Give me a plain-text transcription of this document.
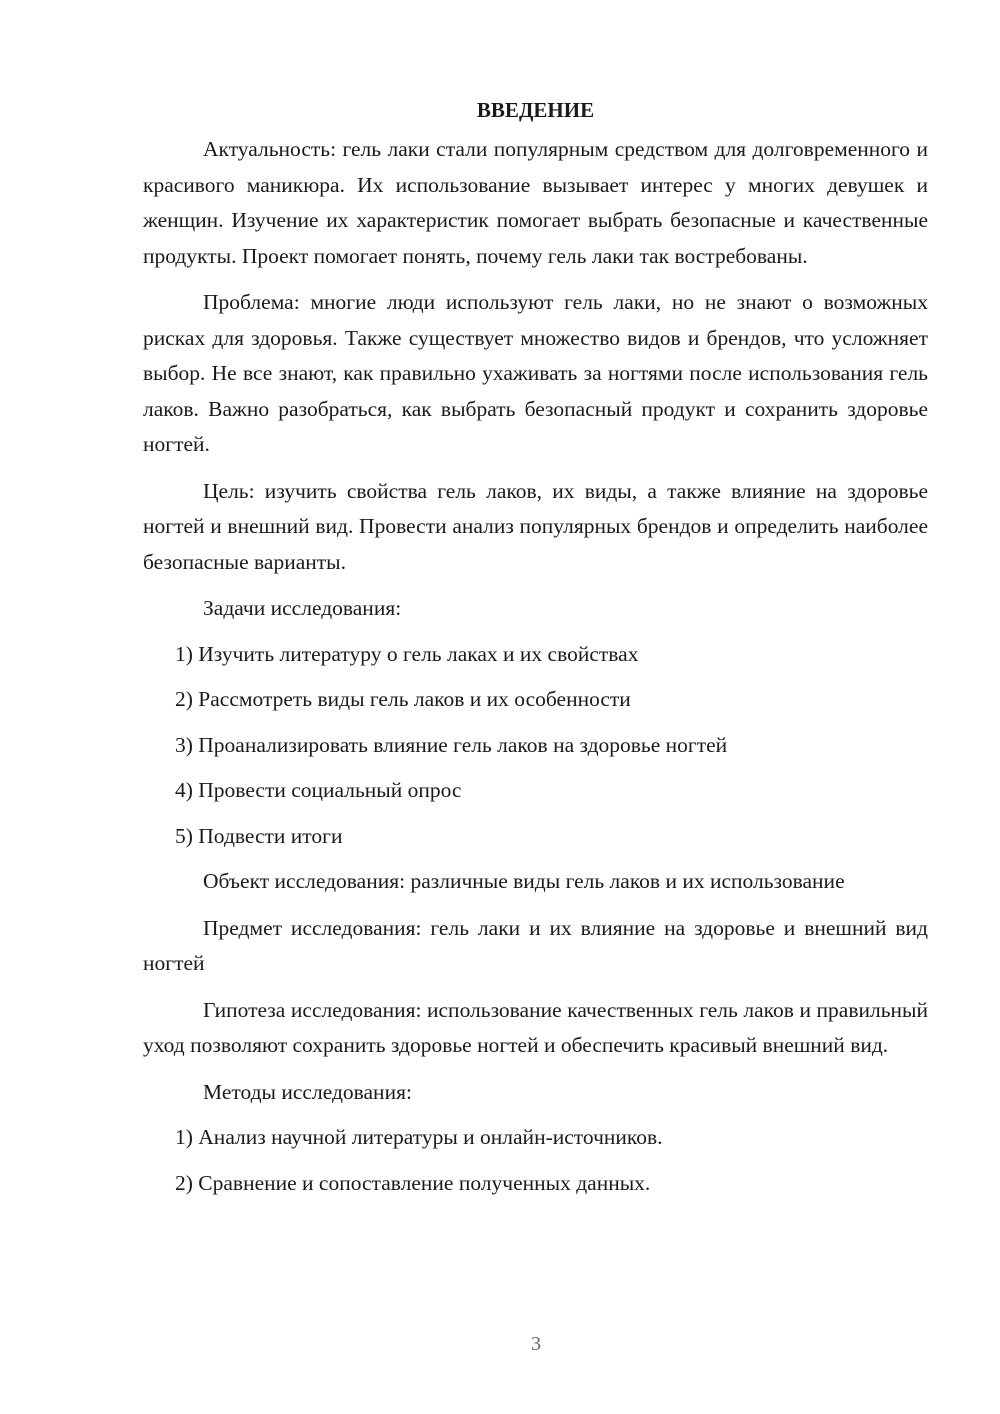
ВВЕДЕНИЕ

Актуальность: гель лаки стали популярным средством для долговременного и красивого маникюра. Их использование вызывает интерес у многих девушек и женщин. Изучение их характеристик помогает выбрать безопасные и качественные продукты. Проект помогает понять, почему гель лаки так востребованы.

Проблема: многие люди используют гель лаки, но не знают о возможных рисках для здоровья. Также существует множество видов и брендов, что усложняет выбор. Не все знают, как правильно ухаживать за ногтями после использования гель лаков. Важно разобраться, как выбрать безопасный продукт и сохранить здоровье ногтей.

Цель: изучить свойства гель лаков, их виды, а также влияние на здоровье ногтей и внешний вид. Провести анализ популярных брендов и определить наиболее безопасные варианты.

Задачи исследования:
1) Изучить литературу о гель лаках и их свойствах
2) Рассмотреть виды гель лаков и их особенности
3) Проанализировать влияние гель лаков на здоровье ногтей
4) Провести социальный опрос
5) Подвести итоги

Объект исследования: различные виды гель лаков и их использование

Предмет исследования: гель лаки и их влияние на здоровье и внешний вид ногтей

Гипотеза исследования: использование качественных гель лаков и правильный уход позволяют сохранить здоровье ногтей и обеспечить красивый внешний вид.

Методы исследования:
1) Анализ научной литературы и онлайн-источников.
2) Сравнение и сопоставление полученных данных.
3
